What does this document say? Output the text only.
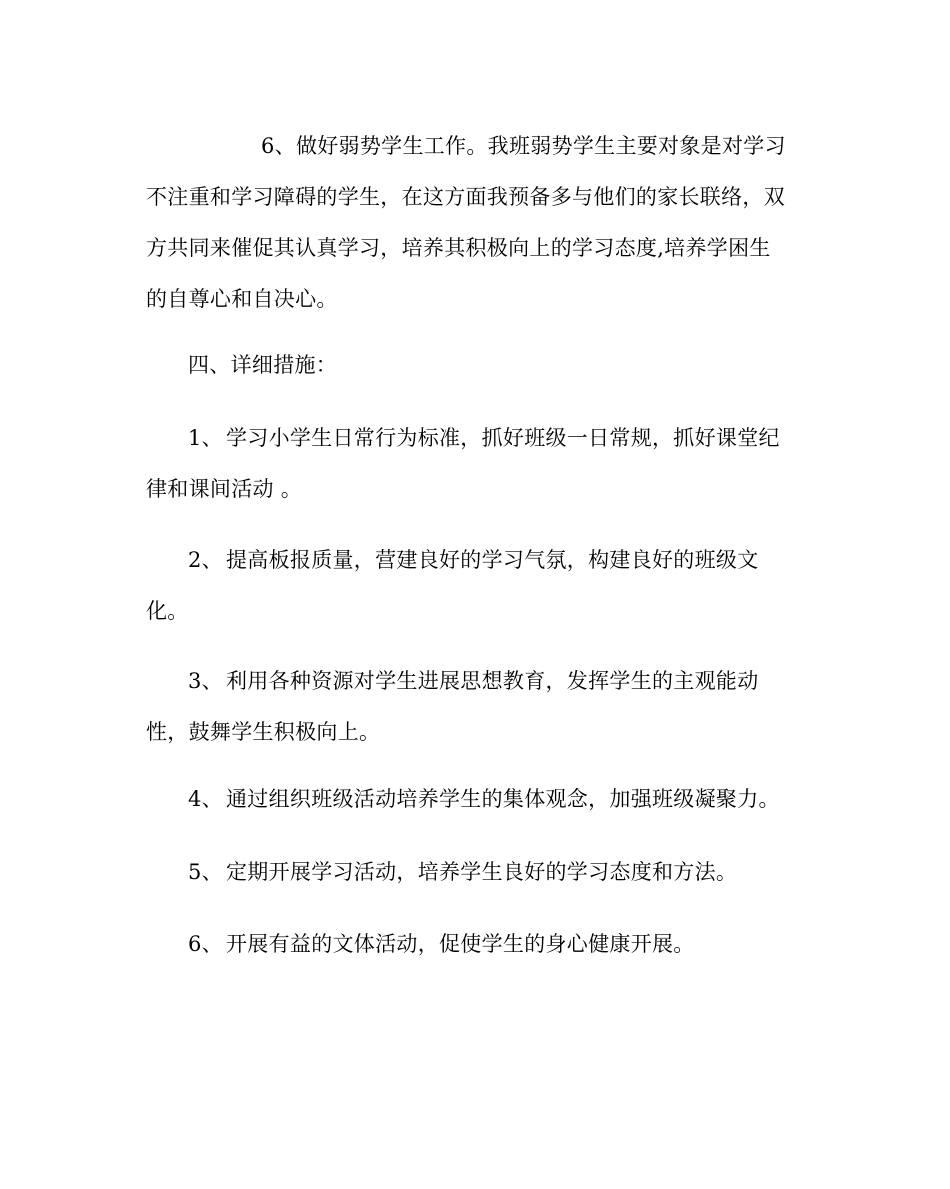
6、做好弱势学生工作。我班弱势学生主要对象是对学习
不注重和学习障碍的学生，在这方面我预备多与他们的家长联络，双
方共同来催促其认真学习，培养其积极向上的学习态度,培养学困生
的自尊心和自决心。
四、详细措施：
1、 学习小学生日常行为标准，抓好班级一日常规，抓好课堂纪
律和课间活动 。
2、 提高板报质量，营建良好的学习气氛，构建良好的班级文
化。
3、 利用各种资源对学生进展思想教育，发挥学生的主观能动
性，鼓舞学生积极向上。
4、 通过组织班级活动培养学生的集体观念，加强班级凝聚力。
5、 定期开展学习活动，培养学生良好的学习态度和方法。
6、 开展有益的文体活动，促使学生的身心健康开展。
